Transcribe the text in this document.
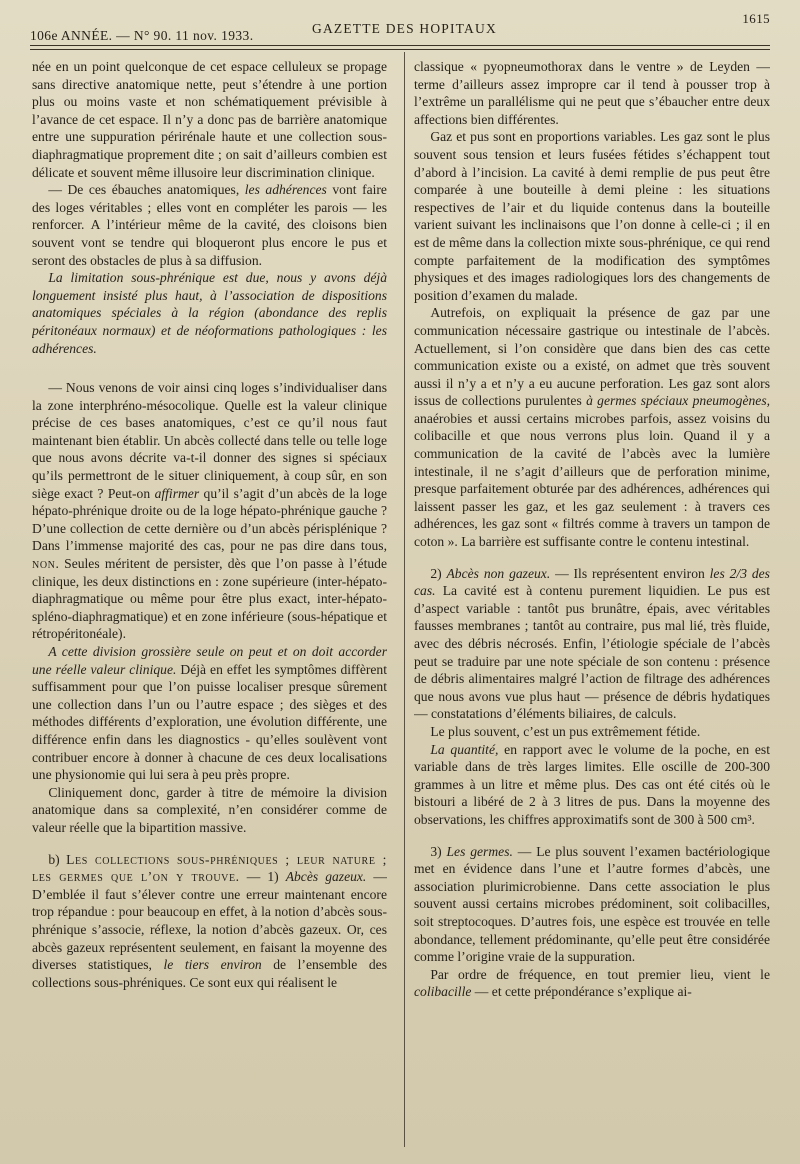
106e ANNÉE. — N° 90. 11 nov. 1933.	GAZETTE DES HOPITAUX
1615

née en un point quelconque de cet espace celluleux se propage sans directive anatomique nette, peut s’étendre à une portion plus ou moins vaste et non schématiquement prévisible à l’avance de cet espace. Il n’y a donc pas de barrière anatomique entre une suppuration périrénale haute et une collection sous-diaphragmatique proprement dite ; on sait d’ailleurs combien est délicate et souvent même illusoire leur discrimination clinique.

— De ces ébauches anatomiques, les adhérences vont faire des loges véritables ; elles vont en compléter les parois — les renforcer. A l’intérieur même de la cavité, des cloisons bien souvent vont se tendre qui bloqueront plus encore le pus et seront des obstacles de plus à sa diffusion.

La limitation sous-phrénique est due, nous y avons déjà longuement insisté plus haut, à l’association de dispositions anatomiques spéciales à la région (abondance des replis péritonéaux normaux) et de néoformations pathologiques : les adhérences.

— Nous venons de voir ainsi cinq loges s’individualiser dans la zone interphréno-mésocolique. Quelle est la valeur clinique précise de ces bases anatomiques, c’est ce qu’il nous faut maintenant bien établir. Un abcès collecté dans telle ou telle loge que nous avons décrite va-t-il donner des signes si spéciaux qu’ils permettront de le situer cliniquement, à coup sûr, en son siège exact ? Peut-on affirmer qu’il s’agit d’un abcès de la loge hépato-phrénique droite ou de la loge hépato-phrénique gauche ? D’une collection de cette dernière ou d’un abcès périsplénique ? Dans l’immense majorité des cas, pour ne pas dire dans tous, non. Seules méritent de persister, dès que l’on passe à l’étude clinique, les deux distinctions en : zone supérieure (inter-hépato-diaphragmatique ou même pour être plus exact, inter-hépato-spléno-diaphragmatique) et en zone inférieure (sous-hépatique et rétropéritonéale).

A cette division grossière seule on peut et on doit accorder une réelle valeur clinique. Déjà en effet les symptômes diffèrent suffisamment pour que l’on puisse localiser presque sûrement une collection dans l’un ou l’autre espace ; des sièges et des méthodes différents d’exploration, une évolution différente, une différence enfin dans les diagnostics - qu’elles soulèvent vont contribuer encore à donner à chacune de ces deux localisations une physionomie qui lui sera à peu près propre.

Cliniquement donc, garder à titre de mémoire la division anatomique dans sa complexité, n’en considérer comme de valeur réelle que la bipartition massive.

b) Les collections sous-phréniques ; leur nature ; les germes que l’on y trouve. — 1) Abcès gazeux. — D’emblée il faut s’élever contre une erreur maintenant encore trop répandue : pour beaucoup en effet, à la notion d’abcès sous-phrénique s’associe, réflexe, la notion d’abcès gazeux. Or, ces abcès gazeux représentent seulement, en faisant la moyenne des diverses statistiques, le tiers environ de l’ensemble des collections sous-phréniques. Ce sont eux qui réalisent le

classique « pyopneumothorax dans le ventre » de Leyden — terme d’ailleurs assez impropre car il tend à pousser trop à l’extrême un parallélisme qui ne peut que s’ébaucher entre deux affections bien différentes.

Gaz et pus sont en proportions variables. Les gaz sont le plus souvent sous tension et leurs fusées fétides s’échappent tout d’abord à l’incision. La cavité à demi remplie de pus peut être comparée à une bouteille à demi pleine : les situations respectives de l’air et du liquide contenus dans la bouteille varient suivant les inclinaisons que l’on donne à celle-ci ; il en est de même dans la collection mixte sous-phrénique, ce qui rend compte parfaitement de la modification des symptômes physiques et des images radiologiques lors des changements de position d’examen du malade.

Autrefois, on expliquait la présence de gaz par une communication nécessaire gastrique ou intestinale de l’abcès. Actuellement, si l’on considère que dans bien des cas cette communication existe ou a existé, on admet que très souvent aussi il n’y a et n’y a eu aucune perforation. Les gaz sont alors issus de collections purulentes à germes spéciaux pneumogènes, anaérobies et aussi certains microbes parfois, assez voisins du colibacille et que nous verrons plus loin. Quand il y a communication de la cavité de l’abcès avec la lumière intestinale, il ne s’agit d’ailleurs que de perforation minime, presque parfaitement obturée par des adhérences, adhérences qui laissent passer les gaz, et les gaz seulement : à travers ces adhérences, les gaz sont « filtrés comme à travers un tampon de coton ». La barrière est suffisante contre le contenu intestinal.

2) Abcès non gazeux. — Ils représentent environ les 2/3 des cas. La cavité est à contenu purement liquidien. Le pus est d’aspect variable : tantôt pus brunâtre, épais, avec véritables fausses membranes ; tantôt au contraire, pus mal lié, très fluide, avec des débris nécrosés. Enfin, l’étiologie spéciale de l’abcès peut se traduire par une note spéciale de son contenu : présence de débris alimentaires malgré l’action de filtrage des adhérences que nous avons vue plus haut — présence de débris hydatiques — constatations d’éléments biliaires, de calculs.

Le plus souvent, c’est un pus extrêmement fétide.

La quantité, en rapport avec le volume de la poche, en est variable dans de très larges limites. Elle oscille de 200-300 grammes à un litre et même plus. Des cas ont été cités où le bistouri a libéré de 2 à 3 litres de pus. Dans la moyenne des observations, les chiffres approximatifs sont de 300 à 500 cm³.

3) Les germes. — Le plus souvent l’examen bactériologique met en évidence dans l’une et l’autre formes d’abcès, une association plurimicrobienne. Dans cette association le plus souvent aussi certains microbes prédominent, soit colibacilles, soit streptocoques. D’autres fois, une espèce est trouvée en telle abondance, tellement prédominante, qu’elle peut être considérée comme l’origine vraie de la suppuration.

Par ordre de fréquence, en tout premier lieu, vient le colibacille — et cette prépondérance s’explique ai-
